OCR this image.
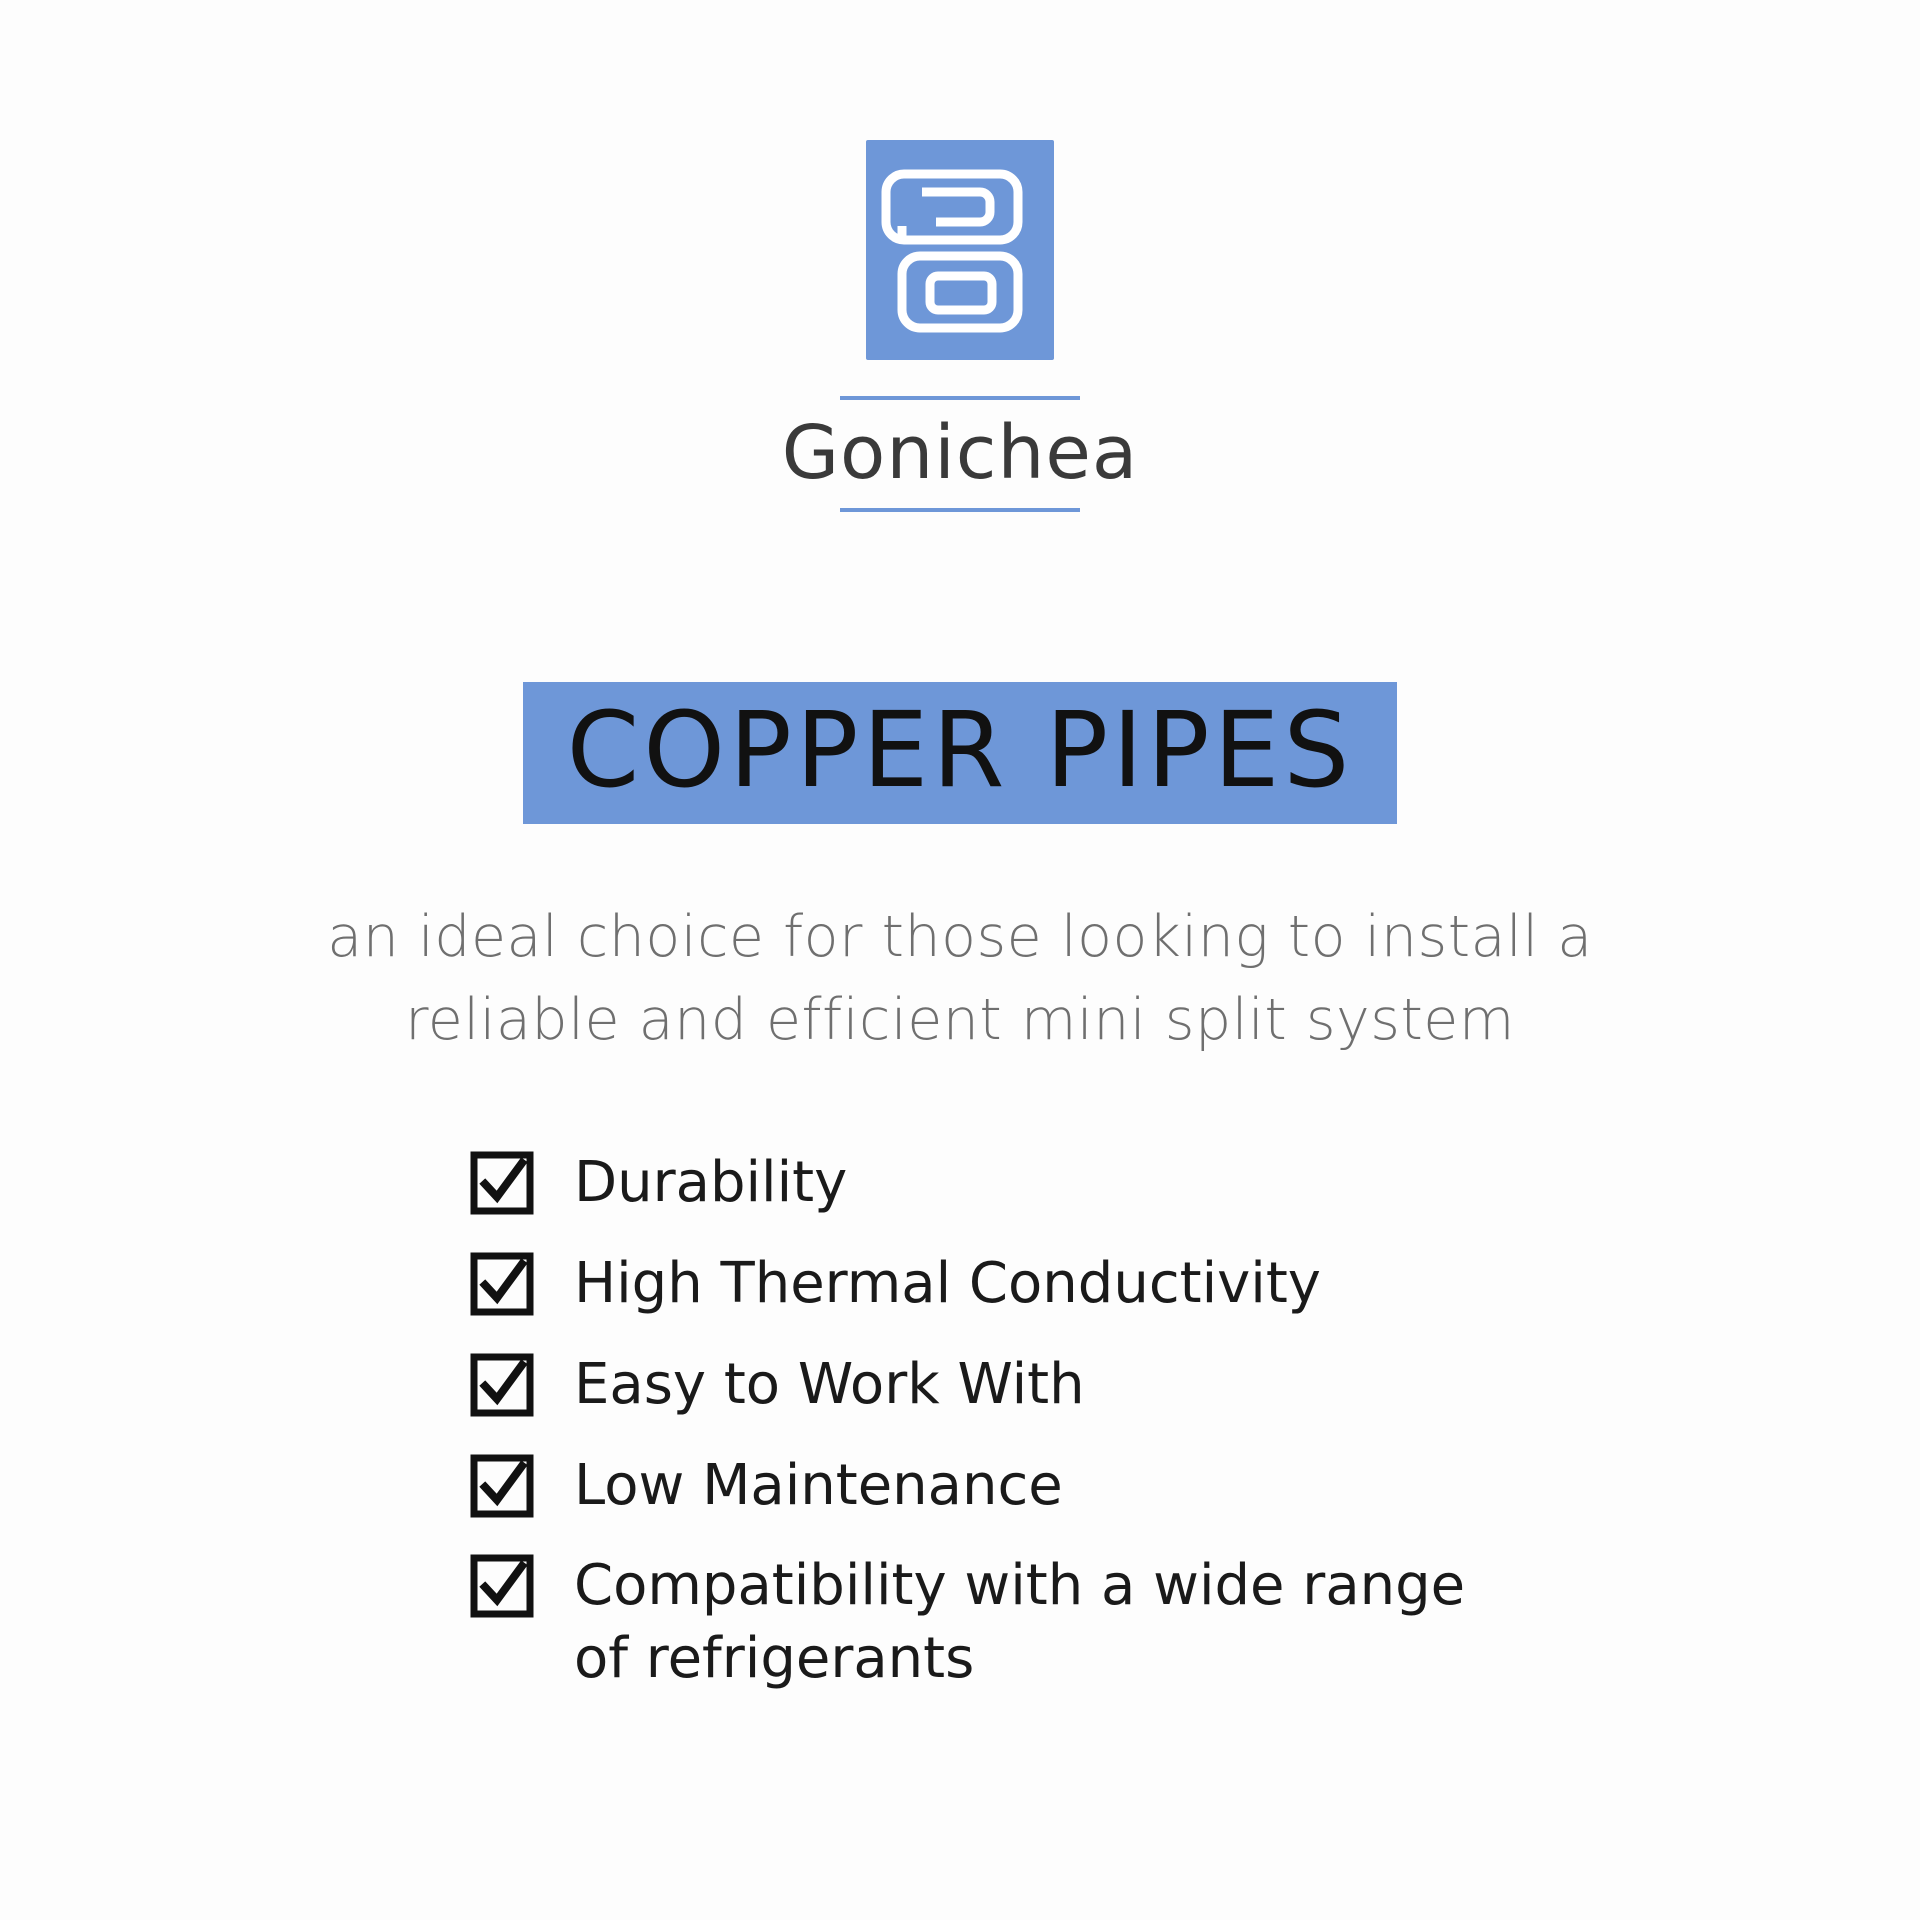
Gonichea
COPPER PIPES
an ideal choice for those looking to install a reliable and efficient mini split system
Durability
High Thermal Conductivity
Easy to Work With
Low Maintenance
Compatibility with a wide range of refrigerants
